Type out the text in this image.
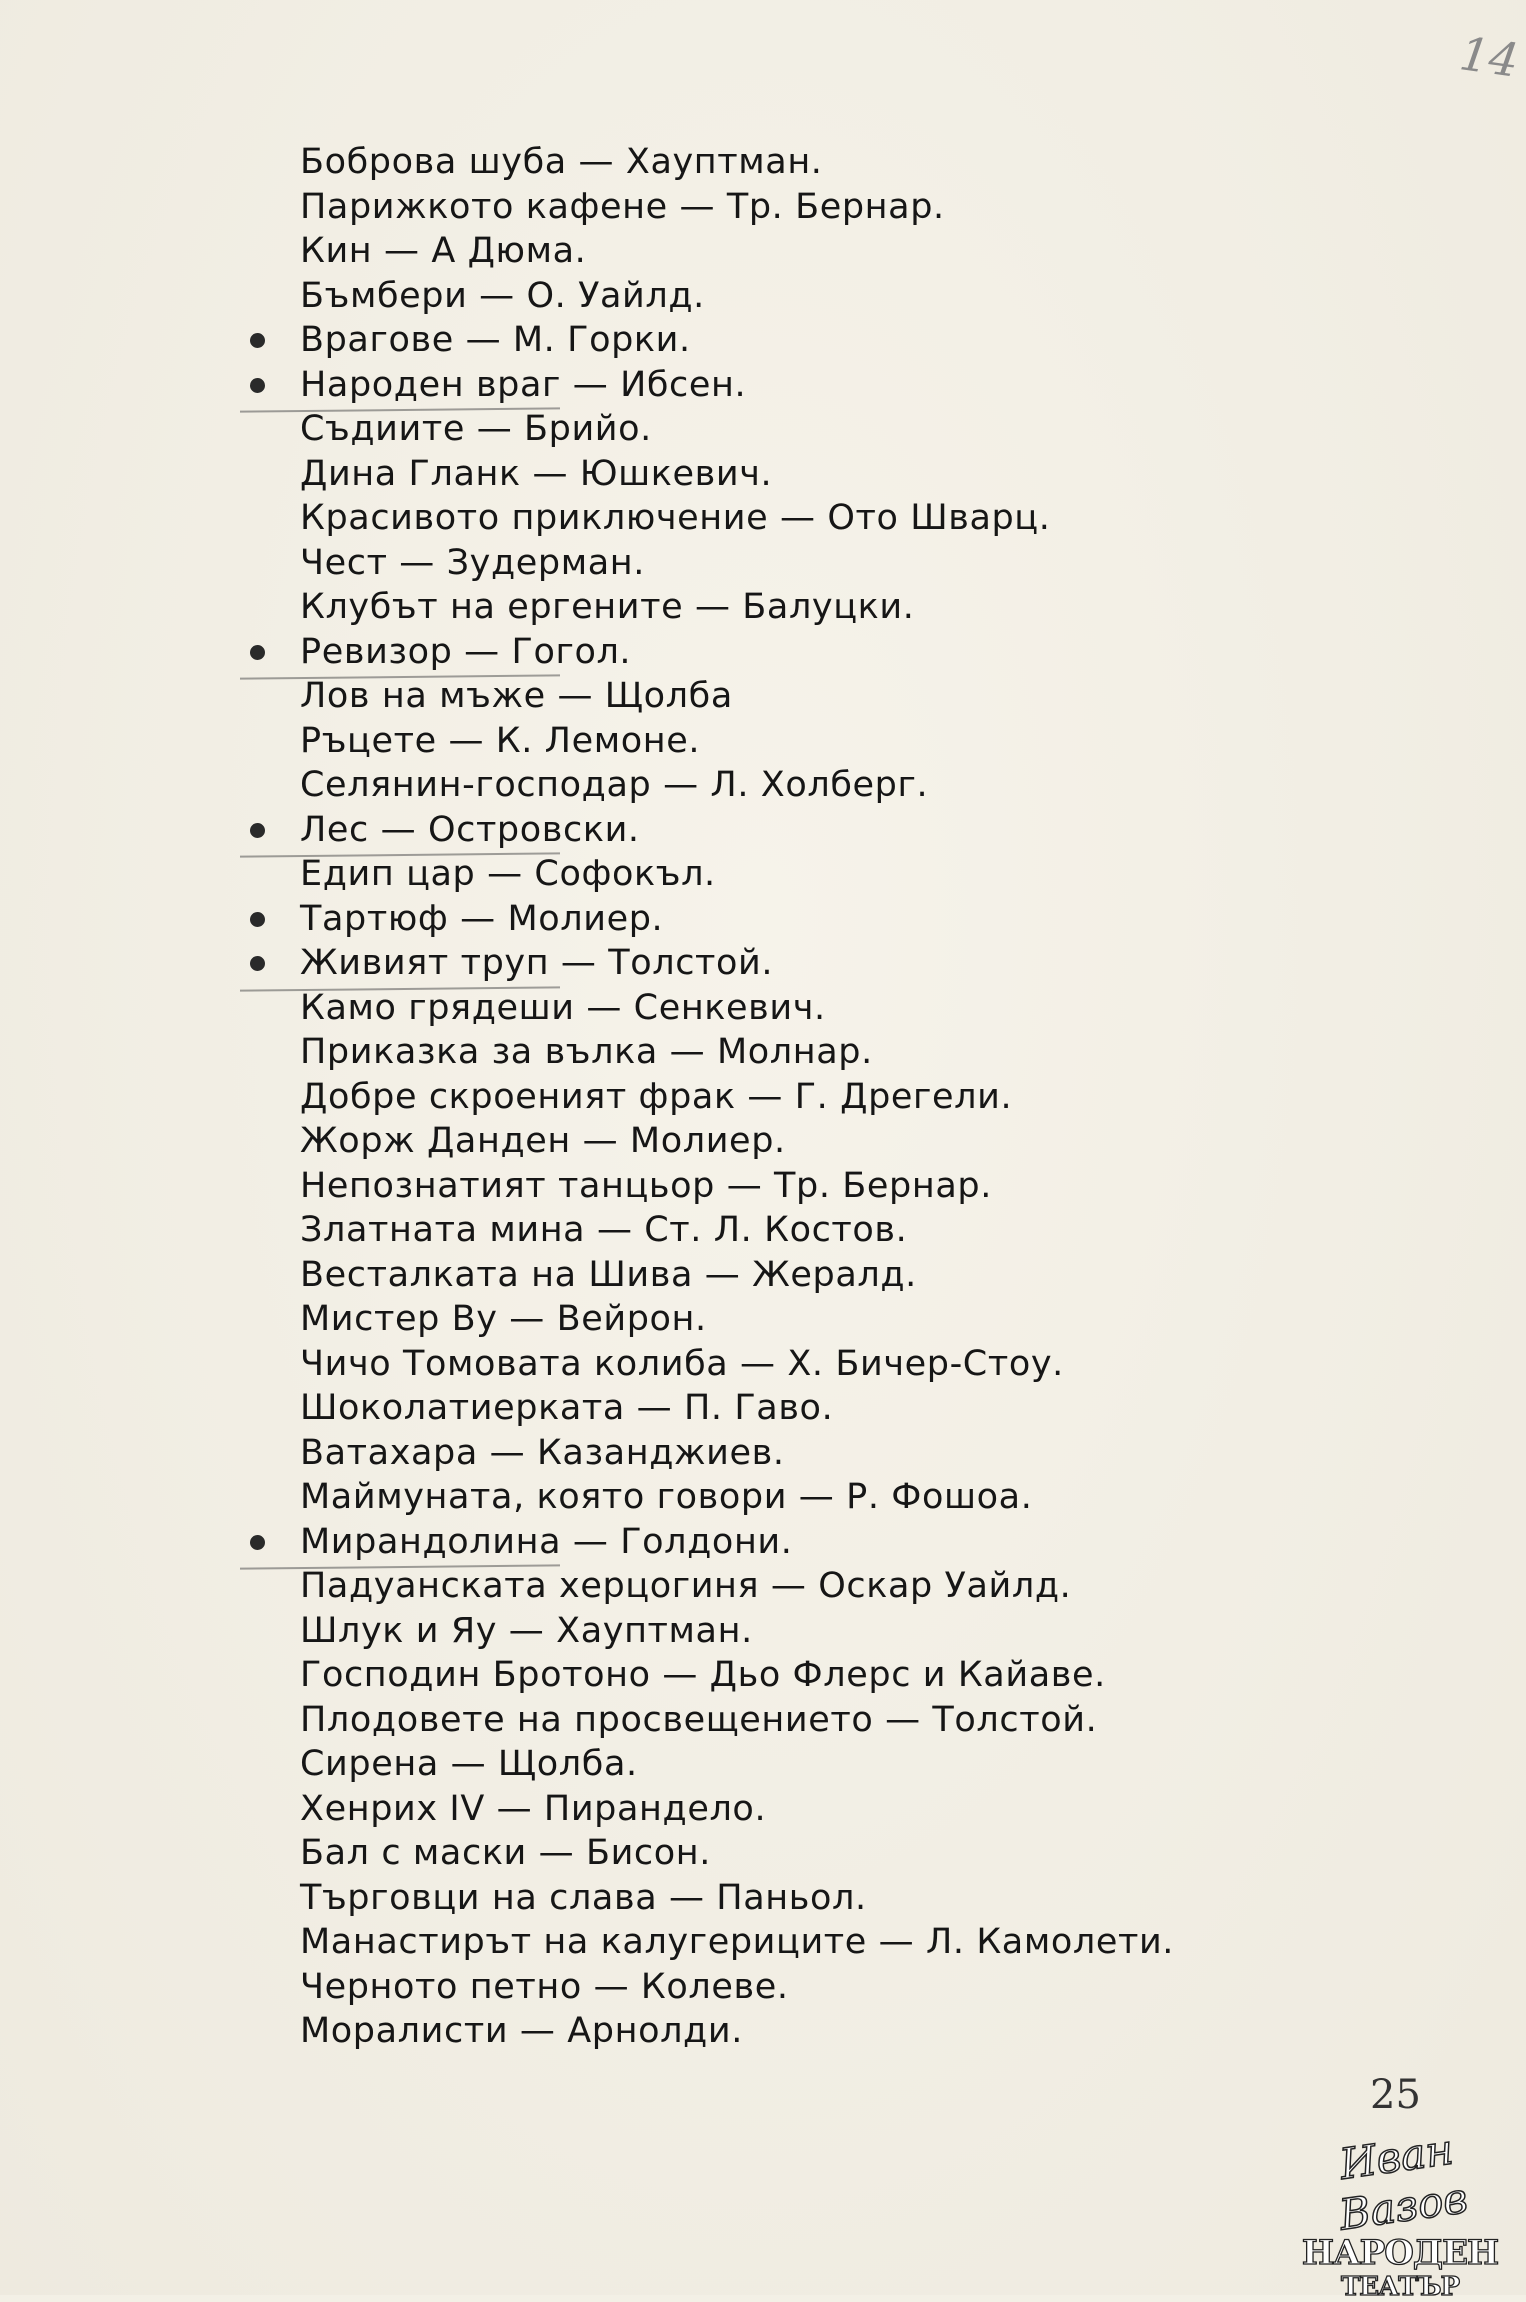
14
Боброва шуба — Хауптман.
Парижкото кафене — Тр. Бернар.
Кин — А Дюма.
Бъмбери — О. Уайлд.
Врагове — М. Горки.
Народен враг — Ибсен.
Съдиите — Брийо.
Дина Гланк — Юшкевич.
Красивото приключение — Ото Шварц.
Чест — Зудерман.
Клубът на ергените — Балуцки.
Ревизор — Гогол.
Лов на мъже — Щолба
Ръцете — К. Лемоне.
Селянин-господар — Л. Холберг.
Лес — Островски.
Едип цар — Софокъл.
Тартюф — Молиер.
Живият труп — Толстой.
Камо грядеши — Сенкевич.
Приказка за вълка — Молнар.
Добре скроеният фрак — Г. Дрегели.
Жорж Данден — Молиер.
Непознатият танцьор — Тр. Бернар.
Златната мина — Ст. Л. Костов.
Весталката на Шива — Жералд.
Мистер Ву — Вейрон.
Чичо Томовата колиба — Х. Бичер-Стоу.
Шоколатиерката — П. Гаво.
Ватахара — Казанджиев.
Маймуната, която говори — Р. Фошоа.
Мирандолина — Голдони.
Падуанската херцогиня — Оскар Уайлд.
Шлук и Яу — Хауптман.
Господин Бротоно — Дьо Флерс и Кайаве.
Плодовете на просвещението — Толстой.
Сирена — Щолба.
Хенрих IV — Пирандело.
Бал с маски — Бисон.
Търговци на слава — Паньол.
Манастирът на калугериците — Л. Камолети.
Черното петно — Колеве.
Моралисти — Арнолди.
25
Иван Вазов
НАРОДЕН
ТЕАТЪР
